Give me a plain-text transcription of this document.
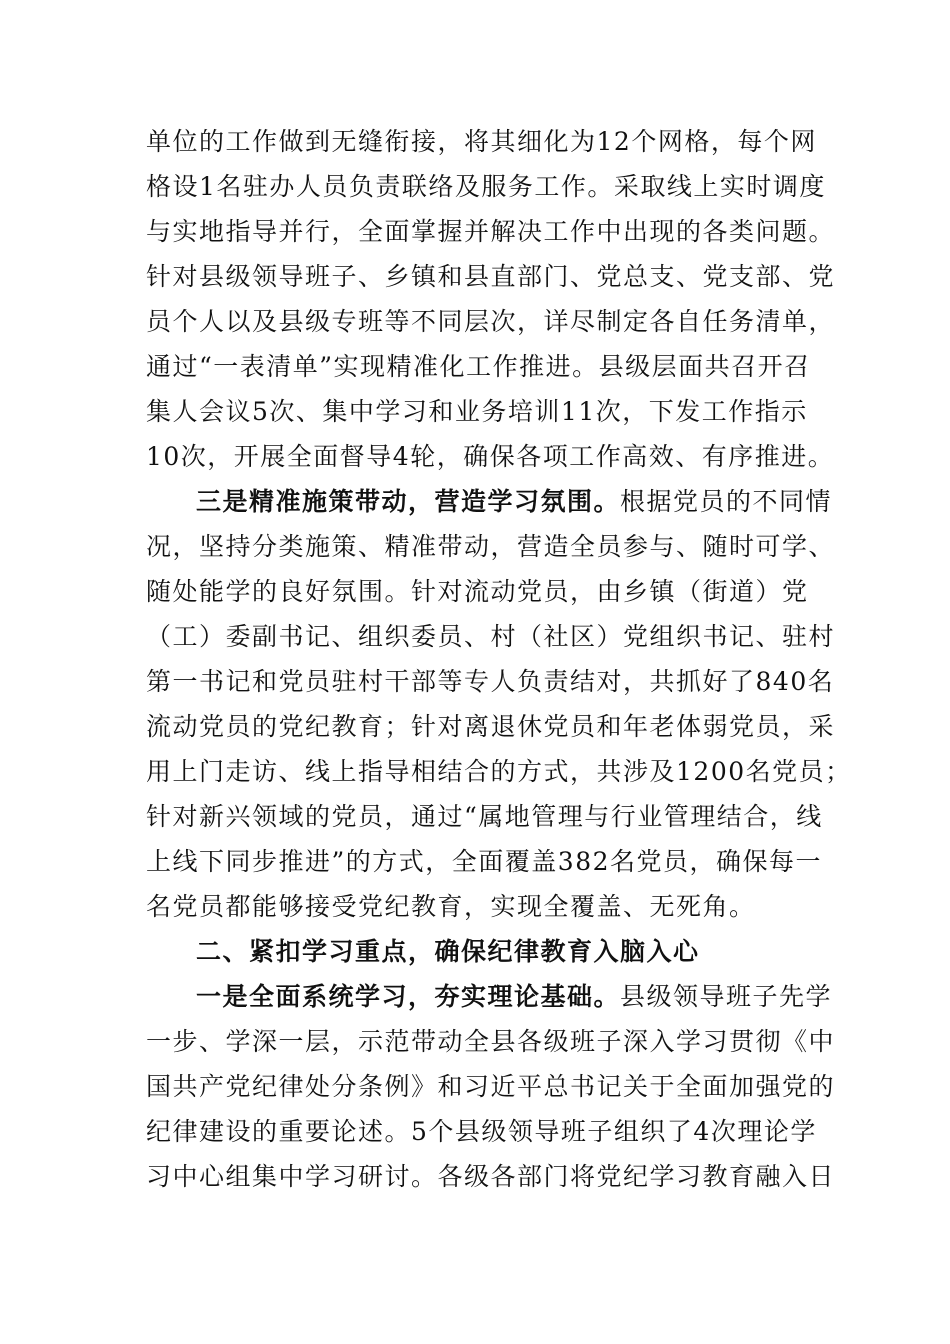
单位的工作做到无缝衔接，将其细化为12个网格，每个网
格设1名驻办人员负责联络及服务工作。采取线上实时调度
与实地指导并行，全面掌握并解决工作中出现的各类问题。
针对县级领导班子、乡镇和县直部门、党总支、党支部、党
员个人以及县级专班等不同层次，详尽制定各自任务清单，
通过“一表清单”实现精准化工作推进。县级层面共召开召
集人会议5次、集中学习和业务培训11次，下发工作指示
10次，开展全面督导4轮，确保各项工作高效、有序推进。
三是精准施策带动，营造学习氛围。根据党员的不同情
况，坚持分类施策、精准带动，营造全员参与、随时可学、
随处能学的良好氛围。针对流动党员，由乡镇（街道）党
（工）委副书记、组织委员、村（社区）党组织书记、驻村
第一书记和党员驻村干部等专人负责结对，共抓好了840名
流动党员的党纪教育；针对离退休党员和年老体弱党员，采
用上门走访、线上指导相结合的方式，共涉及1200名党员；
针对新兴领域的党员，通过“属地管理与行业管理结合，线
上线下同步推进”的方式，全面覆盖382名党员，确保每一
名党员都能够接受党纪教育，实现全覆盖、无死角。
二、紧扣学习重点，确保纪律教育入脑入心
一是全面系统学习，夯实理论基础。县级领导班子先学
一步、学深一层，示范带动全县各级班子深入学习贯彻《中
国共产党纪律处分条例》和习近平总书记关于全面加强党的
纪律建设的重要论述。5个县级领导班子组织了4次理论学
习中心组集中学习研讨。各级各部门将党纪学习教育融入日
